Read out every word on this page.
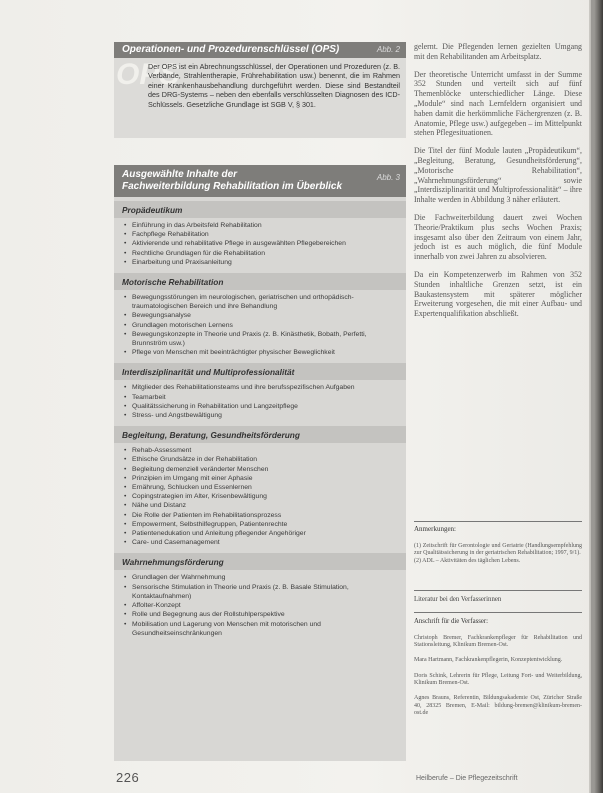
Operationen- und Prozedurenschlüssel (OPS)	Abb. 2
OPS
Der OPS ist ein Abrechnungsschlüssel, der Operationen und Prozeduren (z. B. Verbände, Strahlentherapie, Frührehabilitation usw.) benennt, die im Rahmen einer Krankenhausbehandlung durchgeführt werden. Diese sind Bestandteil des DRG-Systems – neben den ebenfalls verschlüsselten Diagnosen des ICD-Schlüssels. Gesetzliche Grundlage ist SGB V, § 301.
Ausgewählte Inhalte der
Fachweiterbildung Rehabilitation im Überblick
Abb. 3
Propädeutikum
• Einführung in das Arbeitsfeld Rehabilitation
• Fachpflege Rehabilitation
• Aktivierende und rehabilitative Pflege in ausgewählten Pflegebereichen
• Rechtliche Grundlagen für die Rehabilitation
• Einarbeitung und Praxisanleitung
Motorische Rehabilitation
• Bewegungsstörungen im neurologischen, geriatrischen und orthopädisch-traumatologischen Bereich und ihre Behandlung
• Bewegungsanalyse
• Grundlagen motorischen Lernens
• Bewegungskonzepte in Theorie und Praxis (z. B. Kinästhetik, Bobath, Perfetti, Brunnström usw.)
• Pflege von Menschen mit beeinträchtigter physischer Beweglichkeit
Interdisziplinarität und Multiprofessionalität
• Mitglieder des Rehabilitationsteams und ihre berufsspezifischen Aufgaben
• Teamarbeit
• Qualitätssicherung in Rehabilitation und Langzeitpflege
• Stress- und Angstbewältigung
Begleitung, Beratung, Gesundheitsförderung
• Rehab-Assessment
• Ethische Grundsätze in der Rehabilitation
• Begleitung demenziell veränderter Menschen
• Prinzipien im Umgang mit einer Aphasie
• Ernährung, Schlucken und Essenlernen
• Copingstrategien im Alter, Krisenbewältigung
• Nähe und Distanz
• Die Rolle der Patienten im Rehabilitationsprozess
• Empowerment, Selbsthilfegruppen, Patientenrechte
• Patientenedukation und Anleitung pflegender Angehöriger
• Care- und Casemanagement
Wahrnehmungsförderung
• Grundlagen der Wahrnehmung
• Sensorische Stimulation in Theorie und Praxis (z. B. Basale Stimulation, Kontaktaufnahmen)
• Affolter-Konzept
• Rolle und Begegnung aus der Rollstuhlperspektive
• Mobilisation und Lagerung von Menschen mit motorischen und Gesundheitseinschränkungen

gelernt. Die Pflegenden lernen gezielten Umgang mit den Rehabilitanden am Arbeitsplatz.

Der theoretische Unterricht umfasst in der Summe 352 Stunden und verteilt sich auf fünf Themenblöcke unterschiedlicher Länge. Diese „Module“ sind nach Lernfeldern organisiert und haben damit die herkömmliche Fächergrenzen (z. B. Anatomie, Pflege usw.) aufgegeben – im Mittelpunkt stehen Pflegesituationen.

Die Titel der fünf Module lauten „Propädeutikum“, „Begleitung, Beratung, Gesundheitsförderung“, „Motorische Rehabilitation“, „Wahrnehmungsförderung“ sowie „Interdisziplinarität und Multiprofessionalität“ – ihre Inhalte werden in Abbildung 3 näher erläutert.

Die Fachweiterbildung dauert zwei Wochen Theorie/Praktikum plus sechs Wochen Praxis; insgesamt also über den Zeitraum von einem Jahr, jedoch ist es auch möglich, die fünf Module innerhalb von zwei Jahren zu absolvieren.

Da ein Kompetenzerwerb im Rahmen von 352 Stunden inhaltliche Grenzen setzt, ist ein Baukastensystem mit späterer möglicher Erweiterung vorgesehen, die mit einer Aufbau- und Expertenqualifikation abschließt.

Anmerkungen:

(1) Zeitschrift für Gerontologie und Geriatrie (Handlungsempfehlung zur Qualitätssicherung in der geriatrischen Rehabilitation; 1997, 9/1).
(2) ADL – Aktivitäten des täglichen Lebens.

Literatur bei den Verfasserinnen

Anschrift für die Verfasser:

Christoph Bremer, Fachkrankenpfleger für Rehabilitation und Stationsleitung, Klinikum Bremen-Ost.

Mara Hartmann, Fachkrankenpflegerin, Konzeptentwicklung.

Doris Schink, Lehrerin für Pflege, Leitung Fort- und Weiterbildung, Klinikum Bremen-Ost.

Agnes Brauns, Referentin, Bildungsakademie Ost, Züricher Straße 40, 28325 Bremen, E-Mail: bildung-bremen@klinikum-bremen-ost.de

226	Heilberufe – Die Pflegezeitschrift
